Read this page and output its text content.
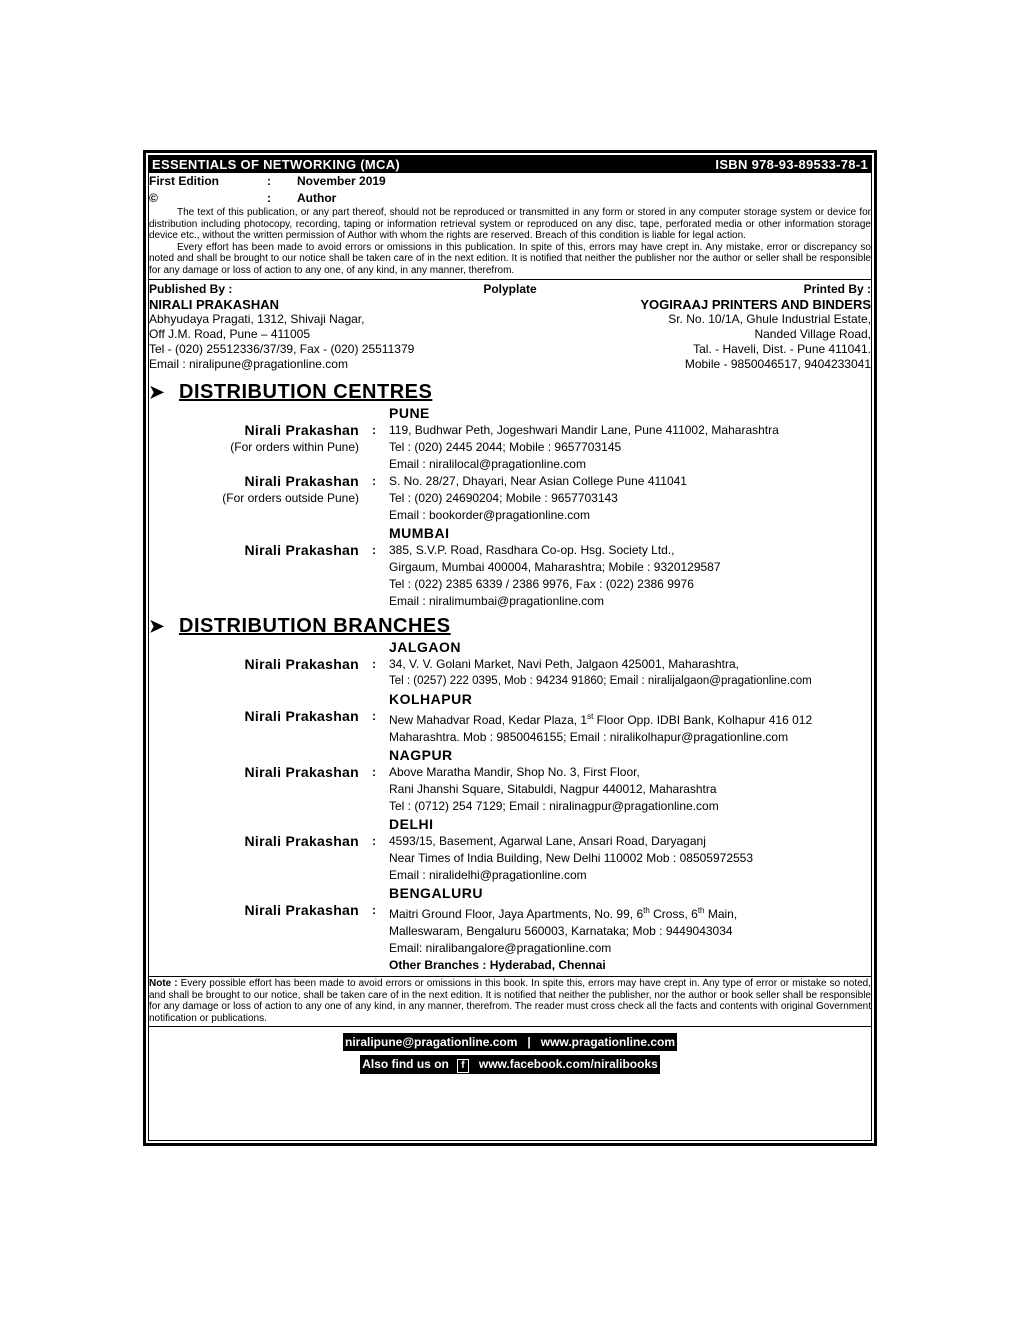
ESSENTIALS OF NETWORKING (MCA)	ISBN 978-93-89533-78-1
First Edition	:	November 2019
©	:	Author

The text of this publication, or any part thereof, should not be reproduced or transmitted in any form or stored in any computer storage system or device for distribution including photocopy, recording, taping or information retrieval system or reproduced on any disc, tape, perforated media or other information storage device etc., without the written permission of Author with whom the rights are reserved. Breach of this condition is liable for legal action.

Every effort has been made to avoid errors or omissions in this publication. In spite of this, errors may have crept in. Any mistake, error or discrepancy so noted and shall be brought to our notice shall be taken care of in the next edition. It is notified that neither the publisher nor the author or seller shall be responsible for any damage or loss of action to any one, of any kind, in any manner, therefrom.

Published By :
NIRALI PRAKASHAN
Abhyudaya Pragati, 1312, Shivaji Nagar,
Off J.M. Road, Pune – 411005
Tel - (020) 25512336/37/39, Fax - (020) 25511379
Email : niralipune@pragationline.com
Polyplate	Printed By :
YOGIRAAJ PRINTERS AND BINDERS
Sr. No. 10/1A, Ghule Industrial Estate,
Nanded Village Road,
Tal. - Haveli, Dist. - Pune 411041.
Mobile - 9850046517, 9404233041
➤ DISTRIBUTION CENTRES
PUNE
Nirali Prakashan
(For orders within Pune)
:	119, Budhwar Peth, Jogeshwari Mandir Lane, Pune 411002, Maharashtra
Tel : (020) 2445 2044; Mobile : 9657703145
Email : niralilocal@pragationline.com
Nirali Prakashan
(For orders outside Pune)
:	S. No. 28/27, Dhayari, Near Asian College Pune 411041
Tel : (020) 24690204; Mobile : 9657703143
Email : bookorder@pragationline.com
MUMBAI
Nirali Prakashan	:	385, S.V.P. Road, Rasdhara Co-op. Hsg. Society Ltd.,
Girgaum, Mumbai 400004, Maharashtra; Mobile : 9320129587
Tel : (022) 2385 6339 / 2386 9976, Fax : (022) 2386 9976
Email : niralimumbai@pragationline.com
➤ DISTRIBUTION BRANCHES
JALGAON
Nirali Prakashan	:	34, V. V. Golani Market, Navi Peth, Jalgaon 425001, Maharashtra,
Tel : (0257) 222 0395, Mob : 94234 91860; Email : niralijalgaon@pragationline.com
KOLHAPUR
Nirali Prakashan	:	New Mahadvar Road, Kedar Plaza, 1st Floor Opp. IDBI Bank, Kolhapur 416 012
Maharashtra. Mob : 9850046155; Email : niralikolhapur@pragationline.com
NAGPUR
Nirali Prakashan	:	Above Maratha Mandir, Shop No. 3, First Floor,
Rani Jhanshi Square, Sitabuldi, Nagpur 440012, Maharashtra
Tel : (0712) 254 7129; Email : niralinagpur@pragationline.com
DELHI
Nirali Prakashan	:	4593/15, Basement, Agarwal Lane, Ansari Road, Daryaganj
Near Times of India Building, New Delhi 110002 Mob : 08505972553
Email : niralidelhi@pragationline.com
BENGALURU
Nirali Prakashan	:	Maitri Ground Floor, Jaya Apartments, No. 99, 6th Cross, 6th Main,
Malleswaram, Bengaluru 560003, Karnataka; Mob : 9449043034
Email: niralibangalore@pragationline.com
Other Branches : Hyderabad, Chennai
Note : Every possible effort has been made to avoid errors or omissions in this book. In spite this, errors may have crept in. Any type of error or mistake so noted, and shall be brought to our notice, shall be taken care of in the next edition. It is notified that neither the publisher, nor the author or book seller shall be responsible for any damage or loss of action to any one of any kind, in any manner, therefrom. The reader must cross check all the facts and contents with original Government notification or publications.
niralipune@pragationline.com | www.pragationline.com
Also find us on f www.facebook.com/niralibooks
